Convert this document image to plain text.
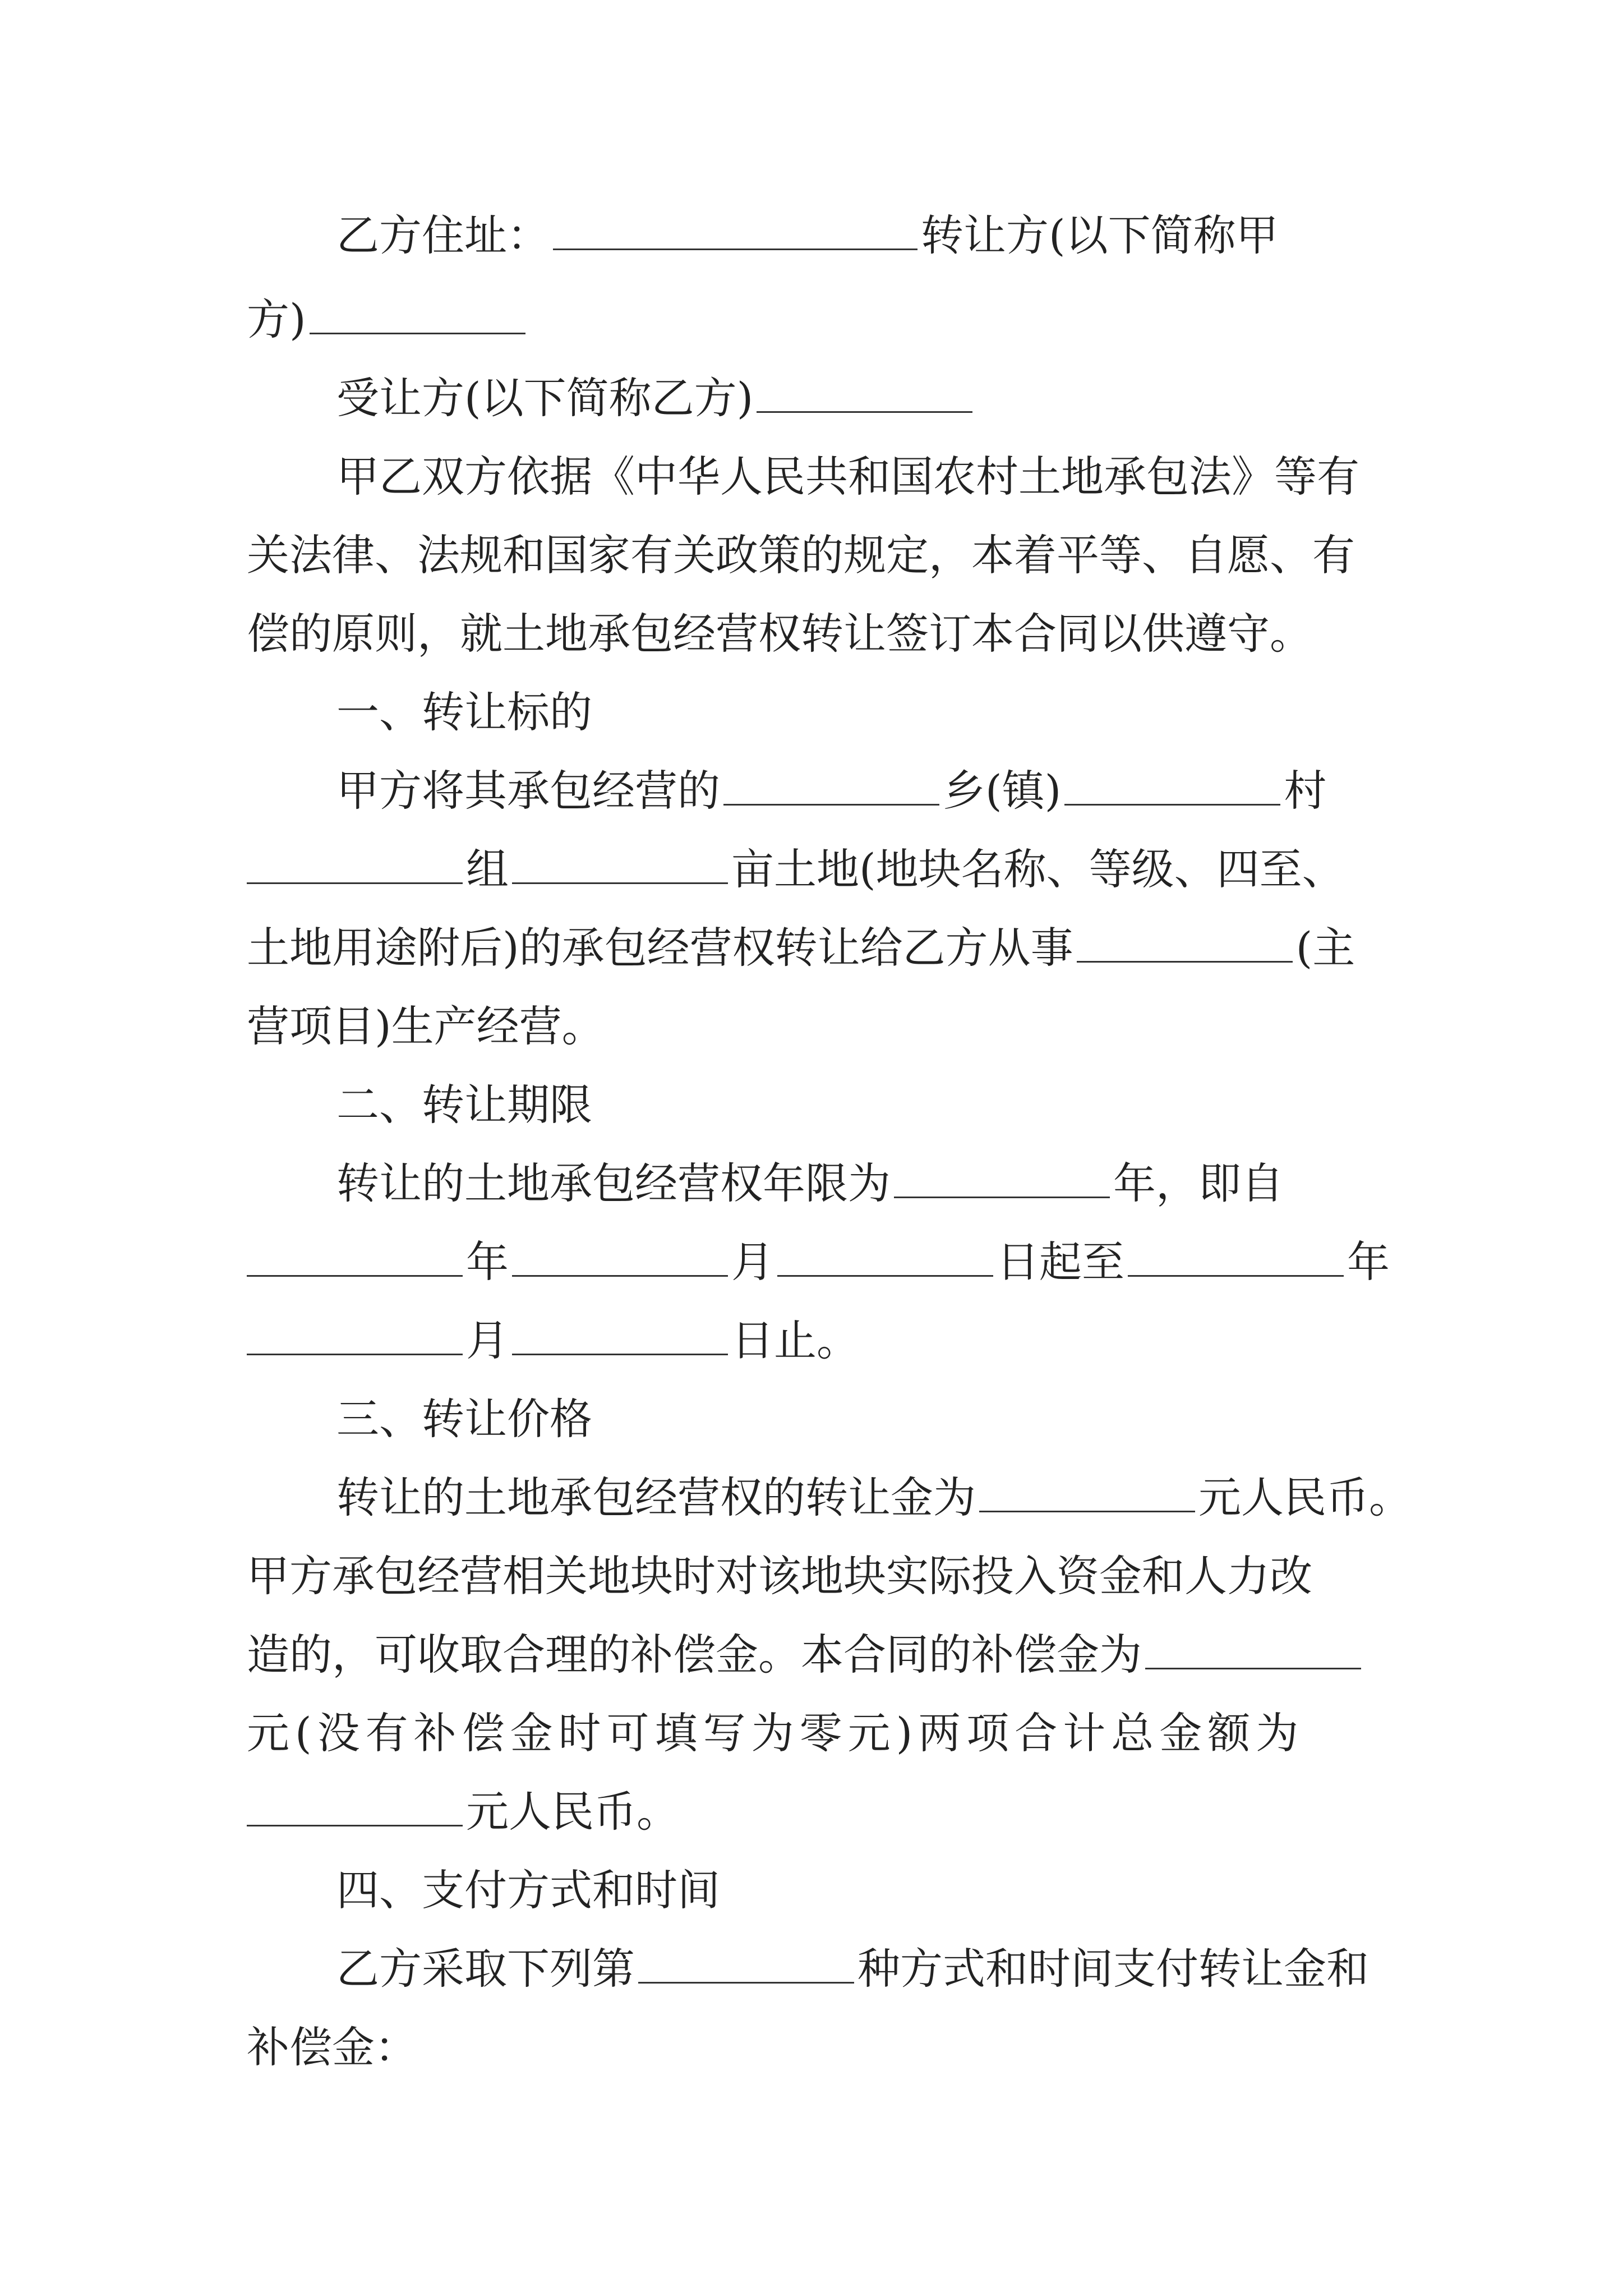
乙方住址：	转让方(以下简称甲
方)
受让方(以下简称乙方)
甲乙双方依据《中华人民共和国农村土地承包法》等有
关法律、法规和国家有关政策的规定，本着平等、自愿、有
偿的原则，就土地承包经营权转让签订本合同以供遵守。
一、转让标的
甲方将其承包经营的	乡(镇)	村
组	亩土地(地块名称、等级、四至、
土地用途附后)的承包经营权转让给乙方从事	(主
营项目)生产经营。
二、转让期限
转让的土地承包经营权年限为	年，即自
年	月	日起至	年
月	日止。
三、转让价格
转让的土地承包经营权的转让金为	元人民币。
甲方承包经营相关地块时对该地块实际投入资金和人力改
造的，可收取合理的补偿金。本合同的补偿金为
元(没有补偿金时可填写为零元)两项合计总金额为
元人民币。
四、支付方式和时间
乙方采取下列第	种方式和时间支付转让金和
补偿金：
